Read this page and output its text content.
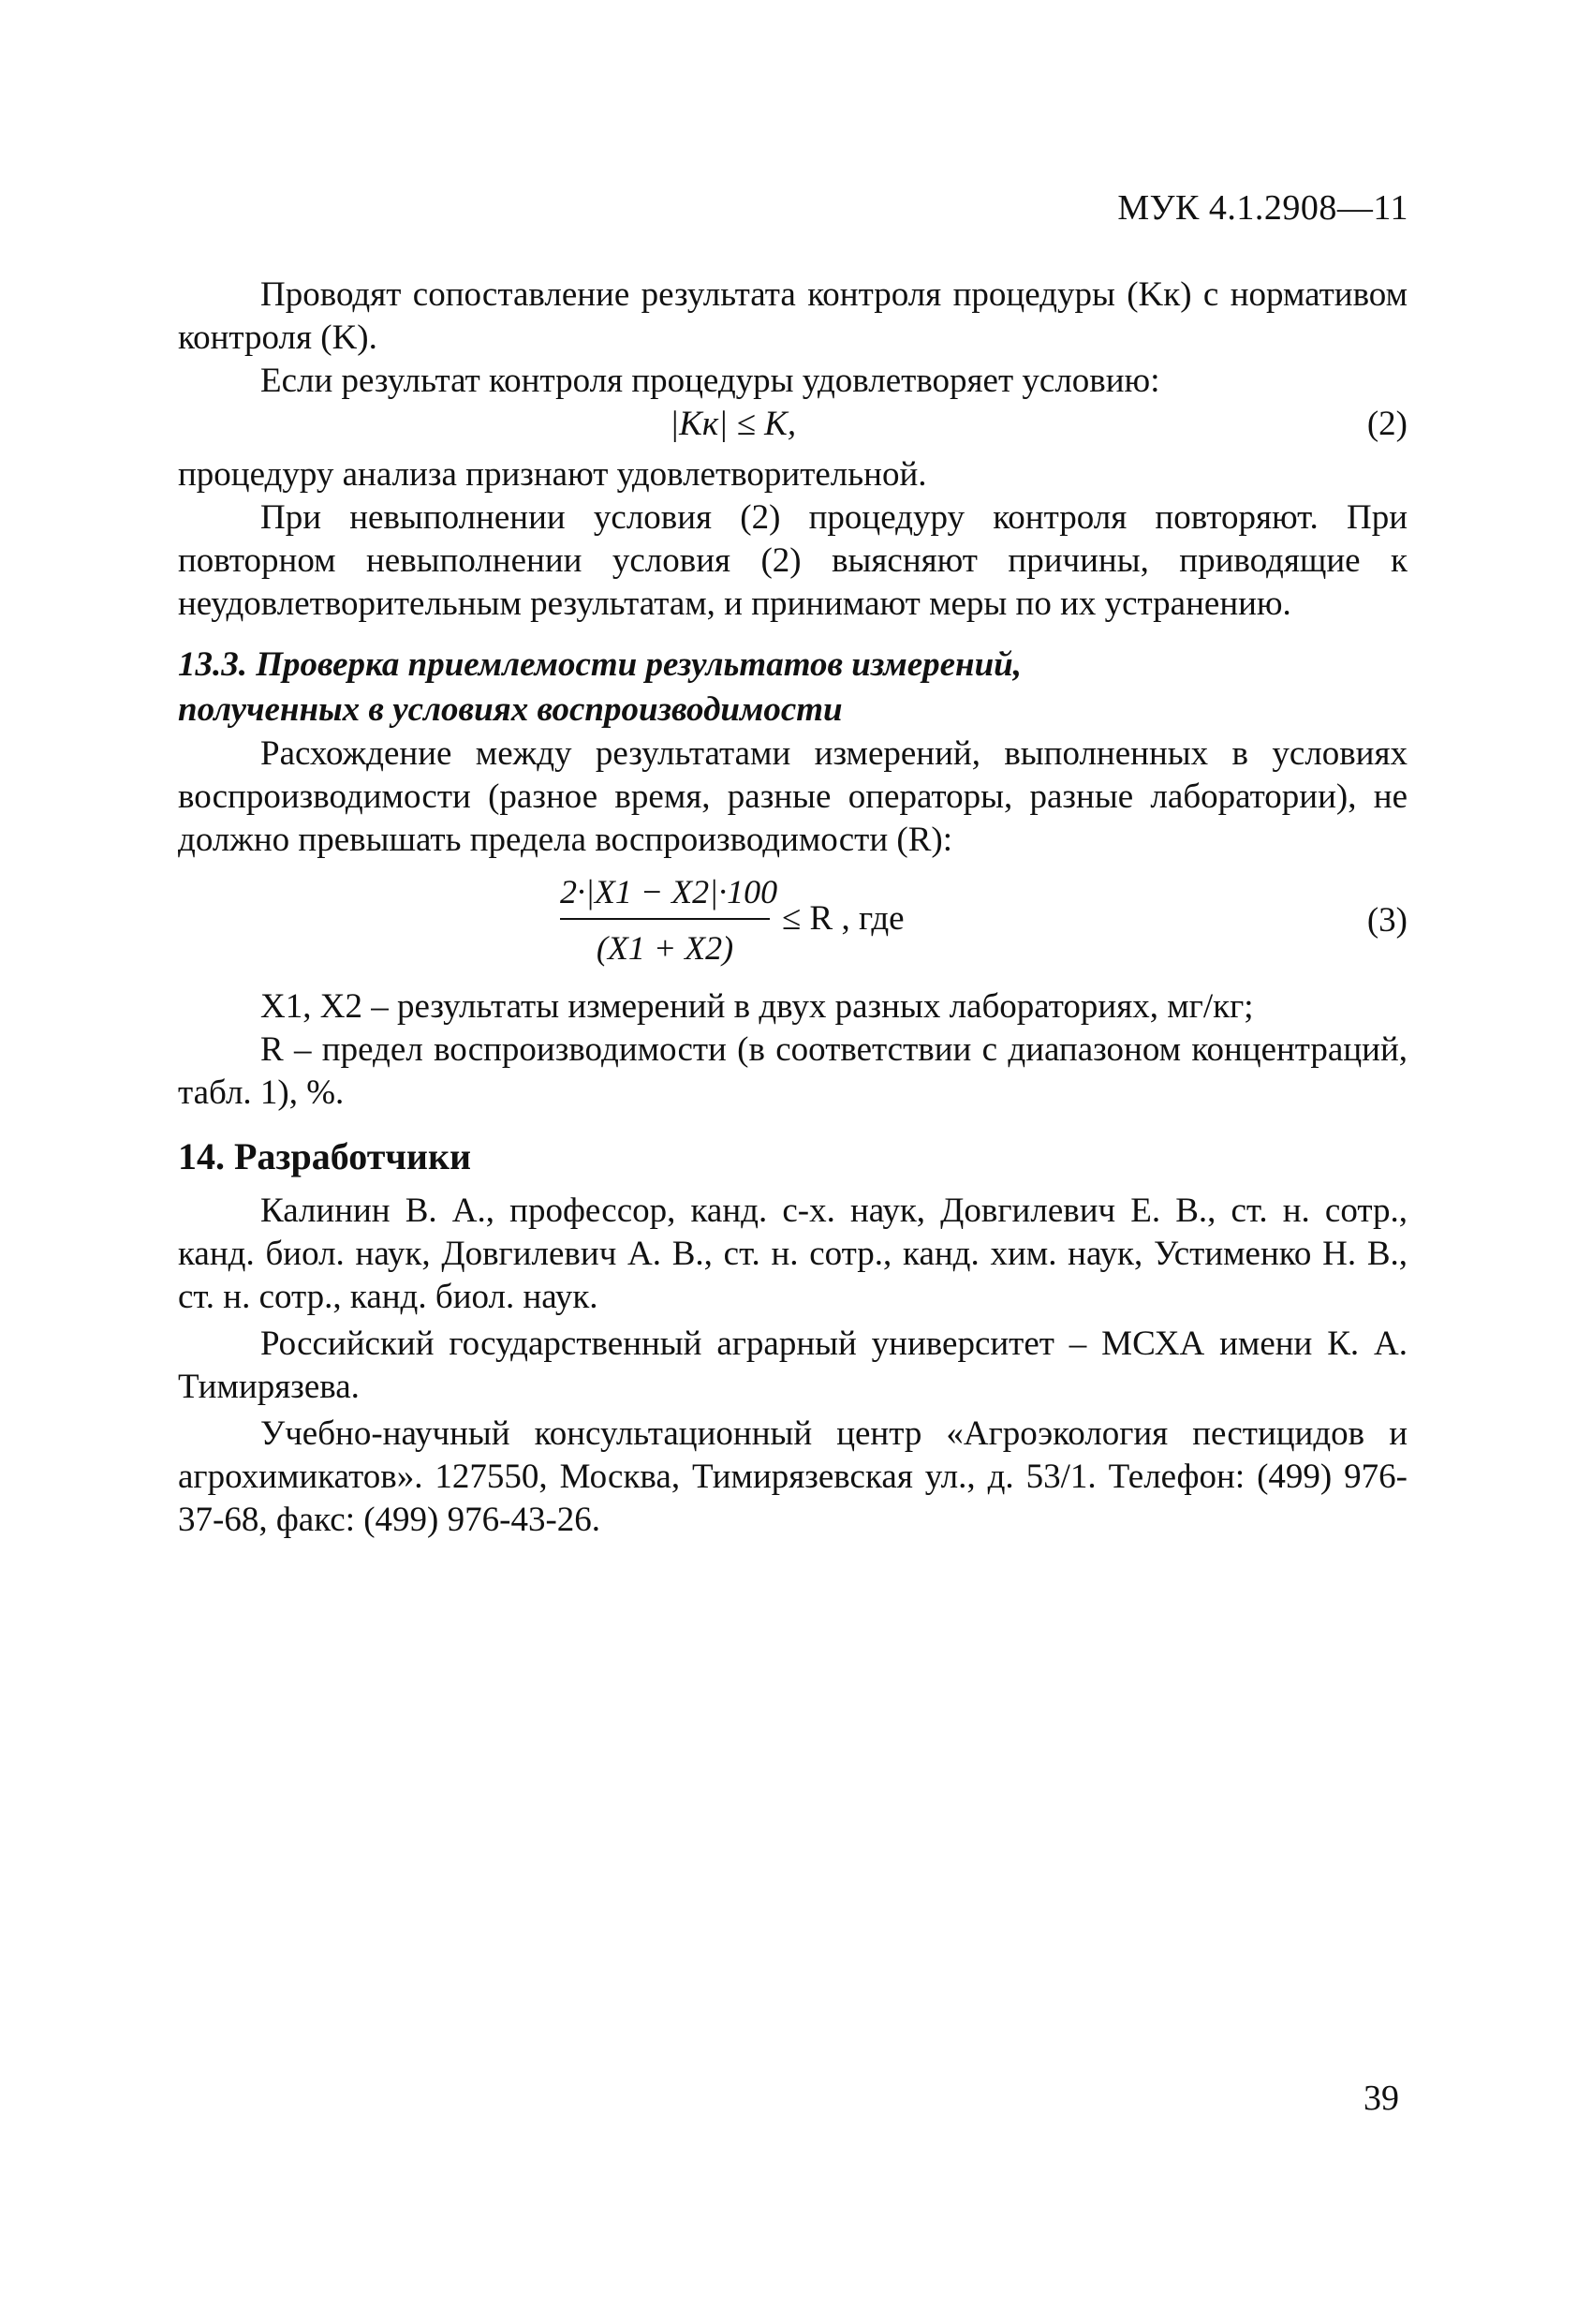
МУК 4.1.2908—11

Проводят сопоставление результата контроля процедуры (Kк) с нормативом контроля (K).

Если результат контроля процедуры удовлетворяет условию:

|Kк| ≤ K,	(2)

процедуру анализа признают удовлетворительной.

При невыполнении условия (2) процедуру контроля повторяют. При повторном невыполнении условия (2) выясняют причины, приводящие к неудовлетворительным результатам, и принимают меры по их устранению.

13.3. Проверка приемлемости результатов измерений,
полученных в условиях воспроизводимости

Расхождение между результатами измерений, выполненных в условиях воспроизводимости (разное время, разные операторы, разные лаборатории), не должно превышать предела воспроизводимости (R):

2·|X1 − X2|·100
(X1 + X2)
≤ R , где	(3)

X1, X2 – результаты измерений в двух разных лабораториях, мг/кг;

R – предел воспроизводимости (в соответствии с диапазоном концентраций, табл. 1), %.

14. Разработчики

Калинин В. А., профессор, канд. с-х. наук, Довгилевич Е. В., ст. н. сотр., канд. биол. наук, Довгилевич А. В., ст. н. сотр., канд. хим. наук, Устименко Н. В., ст. н. сотр., канд. биол. наук.

Российский государственный аграрный университет – МСХА имени К. А. Тимирязева.

Учебно-научный консультационный центр «Агроэкология пестицидов и агрохимикатов». 127550, Москва, Тимирязевская ул., д. 53/1. Телефон: (499) 976-37-68, факс: (499) 976-43-26.

39
